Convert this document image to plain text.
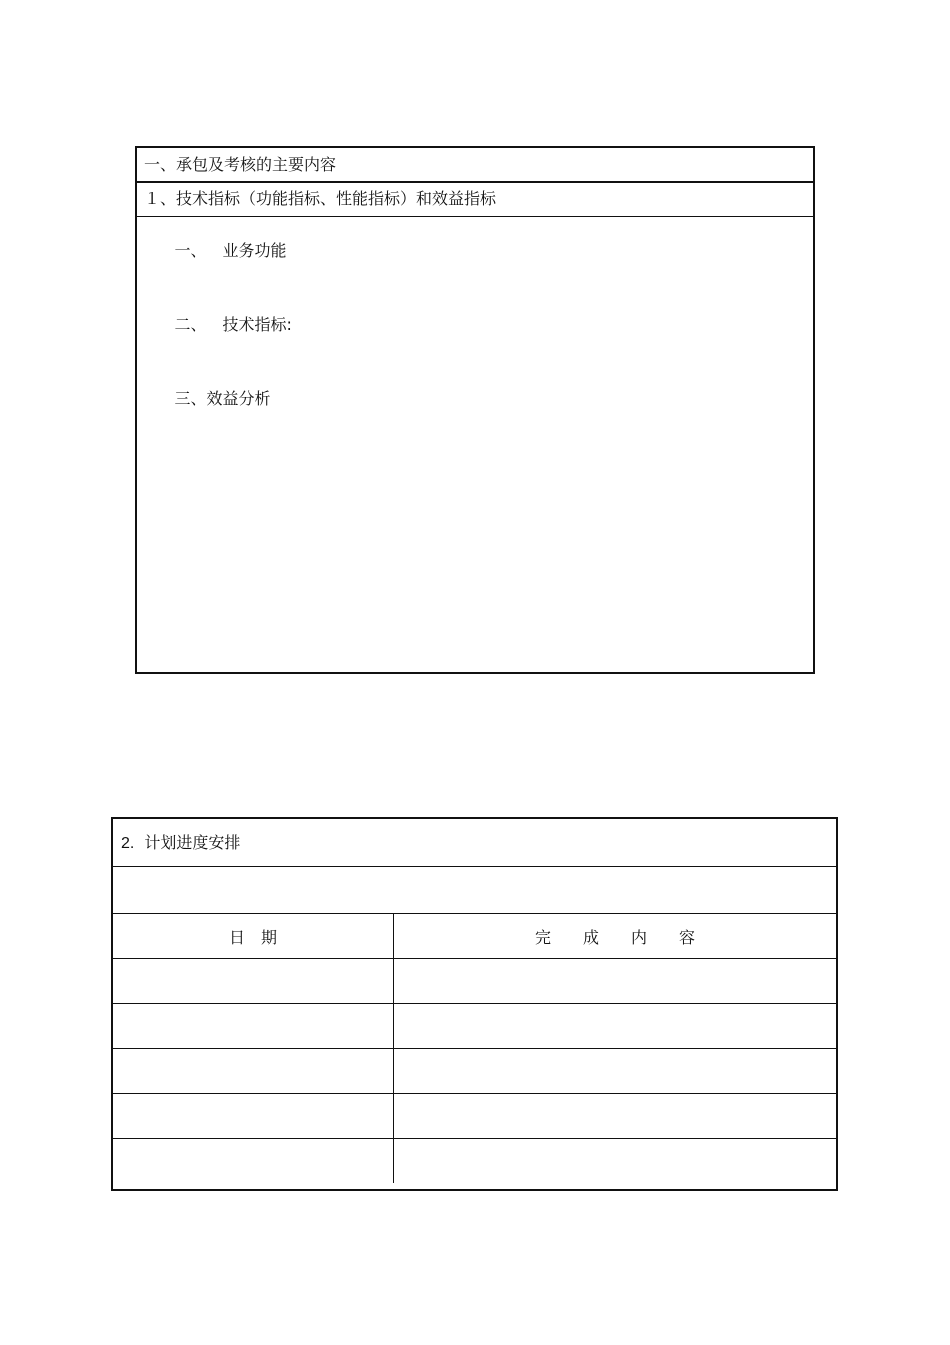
一、承包及考核的主要内容
１、技术指标（功能指标、性能指标）和效益指标

一、 业务功能

二、 技术指标:

三、效益分析

2. 计划进度安排
日　期	完　　成　　内　　容
